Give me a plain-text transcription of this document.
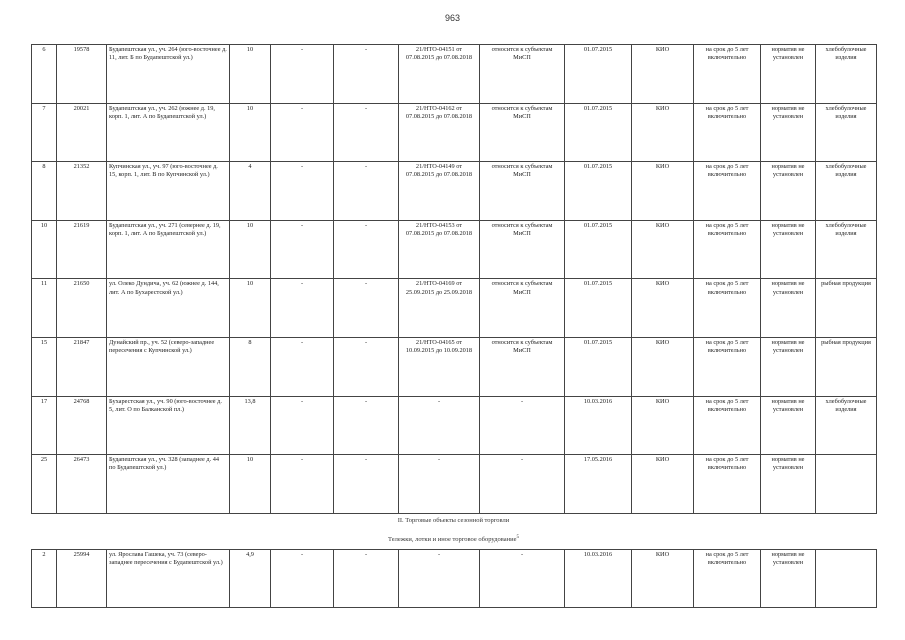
963
6	19578	Будапештская ул., уч. 264 (юго-восточнее д. 11, лит. Б по Будапештской ул.)	10	-	-	21/НТО-04151 от 07.08.2015 до 07.08.2018	относится к субъектам МиСП	01.07.2015	КИО	на срок до 5 лет включительно	норматив не установлен	хлебобулочные изделия
7	20021	Будапештская ул., уч. 262 (южнее д. 19, корп. 1, лит. А по Будапештской ул.)	10	-	-	21/НТО-04162 от 07.08.2015 до 07.08.2018	относится к субъектам МиСП	01.07.2015	КИО	на срок до 5 лет включительно	норматив не установлен	хлебобулочные изделия
8	21352	Купчинская ул., уч. 97 (юго-восточнее д. 15, корп. 1, лит. В по Купчинской ул.)	4	-	-	21/НТО-04149 от 07.08.2015 до 07.08.2018	относится к субъектам МиСП	01.07.2015	КИО	на срок до 5 лет включительно	норматив не установлен	хлебобулочные изделия
10	21619	Будапештская ул., уч. 271 (севернее д. 19, корп. 1, лит. А по Будапештской ул.)	10	-	-	21/НТО-04153 от 07.08.2015 до 07.08.2018	относится к субъектам МиСП	01.07.2015	КИО	на срок до 5 лет включительно	норматив не установлен	хлебобулочные изделия
11	21650	ул. Олеко Дундича, уч. 62 (южнее д. 144, лит. А по Бухарестской ул.)	10	-	-	21/НТО-04169 от 25.09.2015 до 25.09.2018	относится к субъектам МиСП	01.07.2015	КИО	на срок до 5 лет включительно	норматив не установлен	рыбная продукция
15	21847	Дунайский пр., уч. 52 (северо-западнее пересечения с Купчинской ул.)	8	-	-	21/НТО-04165 от 10.09.2015 до 10.09.2018	относится к субъектам МиСП	01.07.2015	КИО	на срок до 5 лет включительно	норматив не установлен	рыбная продукция
17	24768	Бухарестская ул., уч. 90 (юго-восточнее д. 5, лит. О по Балканской пл.)	13,8	-	-	-	-	10.03.2016	КИО	на срок до 5 лет включительно	норматив не установлен	хлебобулочные изделия
25	26473	Будапештская ул., уч. 328 (западнее д. 44 по Будапештской ул.)	10	-	-	-	-	17.05.2016	КИО	на срок до 5 лет включительно	норматив не установлен	
II. Торговые объекты сезонной торговли
Тележки, лотки и иное торговое оборудование$^5$
2	25994	ул. Ярослава Гашека, уч. 73 (северо-западнее пересечения с Будапештской ул.)	4,9	-	-	-	-	10.03.2016	КИО	на срок до 5 лет включительно	норматив не установлен	
